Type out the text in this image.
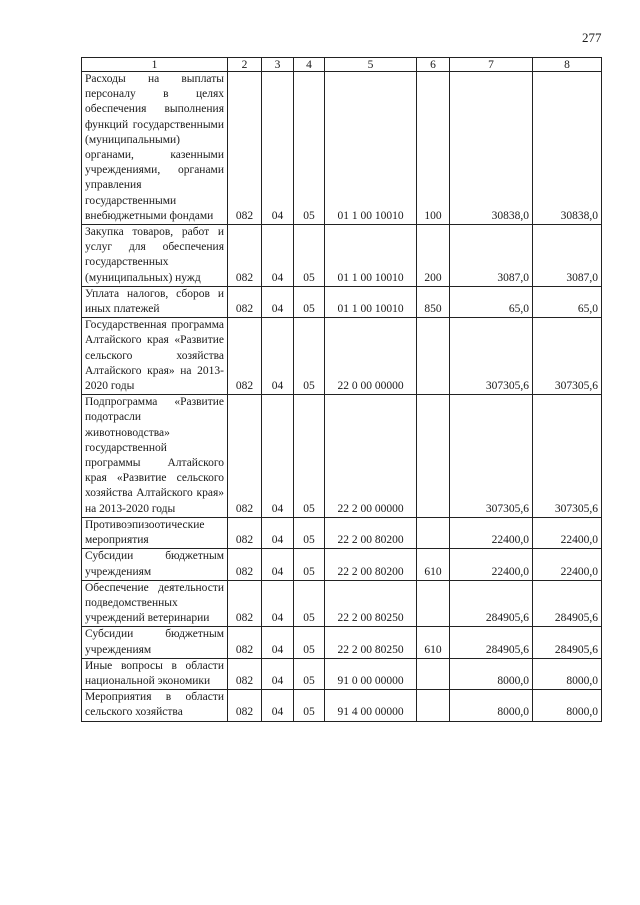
277
1	2	3	4	5	6	7	8
Расходы на выплаты персоналу в целях обеспечения выполнения функций государственными (муниципальными) органами, казенными учреждениями, органами управления государственными внебюджетными фондами	082	04	05	01 1 00 10010	100	30838,0	30838,0
Закупка товаров, работ и услуг для обеспечения государственных (муниципальных) нужд	082	04	05	01 1 00 10010	200	3087,0	3087,0
Уплата налогов, сборов и иных платежей	082	04	05	01 1 00 10010	850	65,0	65,0
Государственная программа Алтайского края «Развитие сельского хозяйства Алтайского края» на 2013-2020 годы	082	04	05	22 0 00 00000		307305,6	307305,6
Подпрограмма «Развитие подотрасли животноводства» государственной программы Алтайского края «Развитие сельского хозяйства Алтайского края» на 2013-2020 годы	082	04	05	22 2 00 00000		307305,6	307305,6
Противоэпизоотические мероприятия	082	04	05	22 2 00 80200		22400,0	22400,0
Субсидии бюджетным учреждениям	082	04	05	22 2 00 80200	610	22400,0	22400,0
Обеспечение деятельности подведомственных учреждений ветеринарии	082	04	05	22 2 00 80250		284905,6	284905,6
Субсидии бюджетным учреждениям	082	04	05	22 2 00 80250	610	284905,6	284905,6
Иные вопросы в области национальной экономики	082	04	05	91 0 00 00000		8000,0	8000,0
Мероприятия в области сельского хозяйства	082	04	05	91 4 00 00000		8000,0	8000,0
